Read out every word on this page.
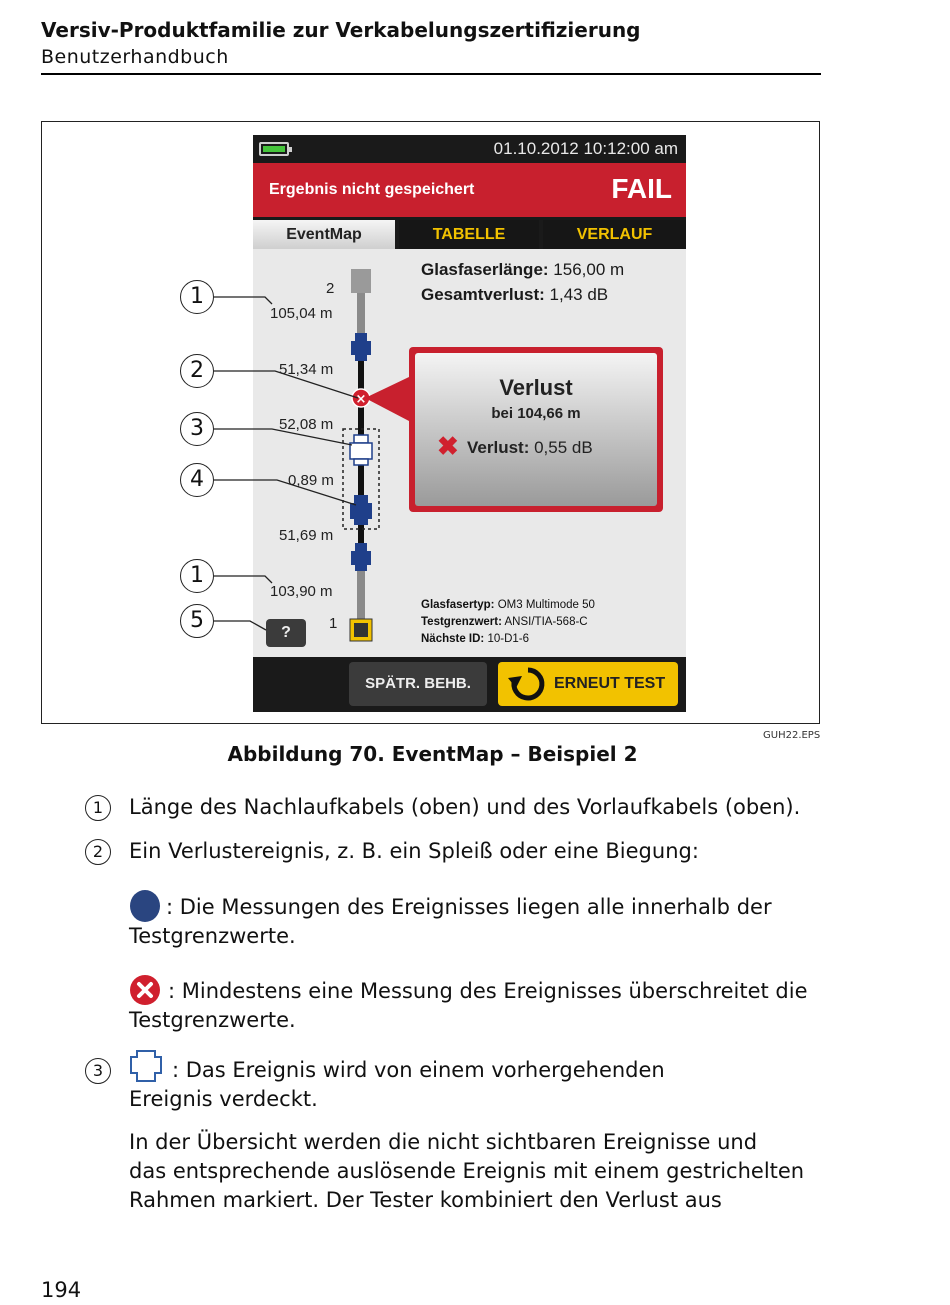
Versiv-Produktfamilie zur Verkabelungszertifizierung
Benutzerhandbuch
01.10.2012 10:12:00 am
Ergebnis nicht gespeichert	FAIL
EventMap	TABELLE	VERLAUF
×
2
1
105,04 m
51,34 m
52,08 m
0,89 m
51,69 m
103,90 m
Glasfaserlänge: 156,00 m
Gesamtverlust: 1,43 dB
Verlust
bei 104,66 m
✖ Verlust: 0,55 dB
Glasfasertyp: OM3 Multimode 50
Testgrenzwert: ANSI/TIA-568-C
Nächste ID: 10-D1-6
?
SPÄTR. BEHB.	ERNEUT TEST
1
2
3
4
1
5
GUH22.EPS
Abbildung 70. EventMap – Beispiel 2
1	Länge des Nachlaufkabels (oben) und des Vorlaufkabels (oben).
2	Ein Verlustereignis, z. B. ein Spleiß oder eine Biegung:
: Die Messungen des Ereignisses liegen alle innerhalb der
Testgrenzwerte.
: Mindestens eine Messung des Ereignisses überschreitet die
Testgrenzwerte.
3	: Das Ereignis wird von einem vorhergehenden
Ereignis verdeckt.
In der Übersicht werden die nicht sichtbaren Ereignisse und
das entsprechende auslösende Ereignis mit einem gestrichelten
Rahmen markiert. Der Tester kombiniert den Verlust aus
194
